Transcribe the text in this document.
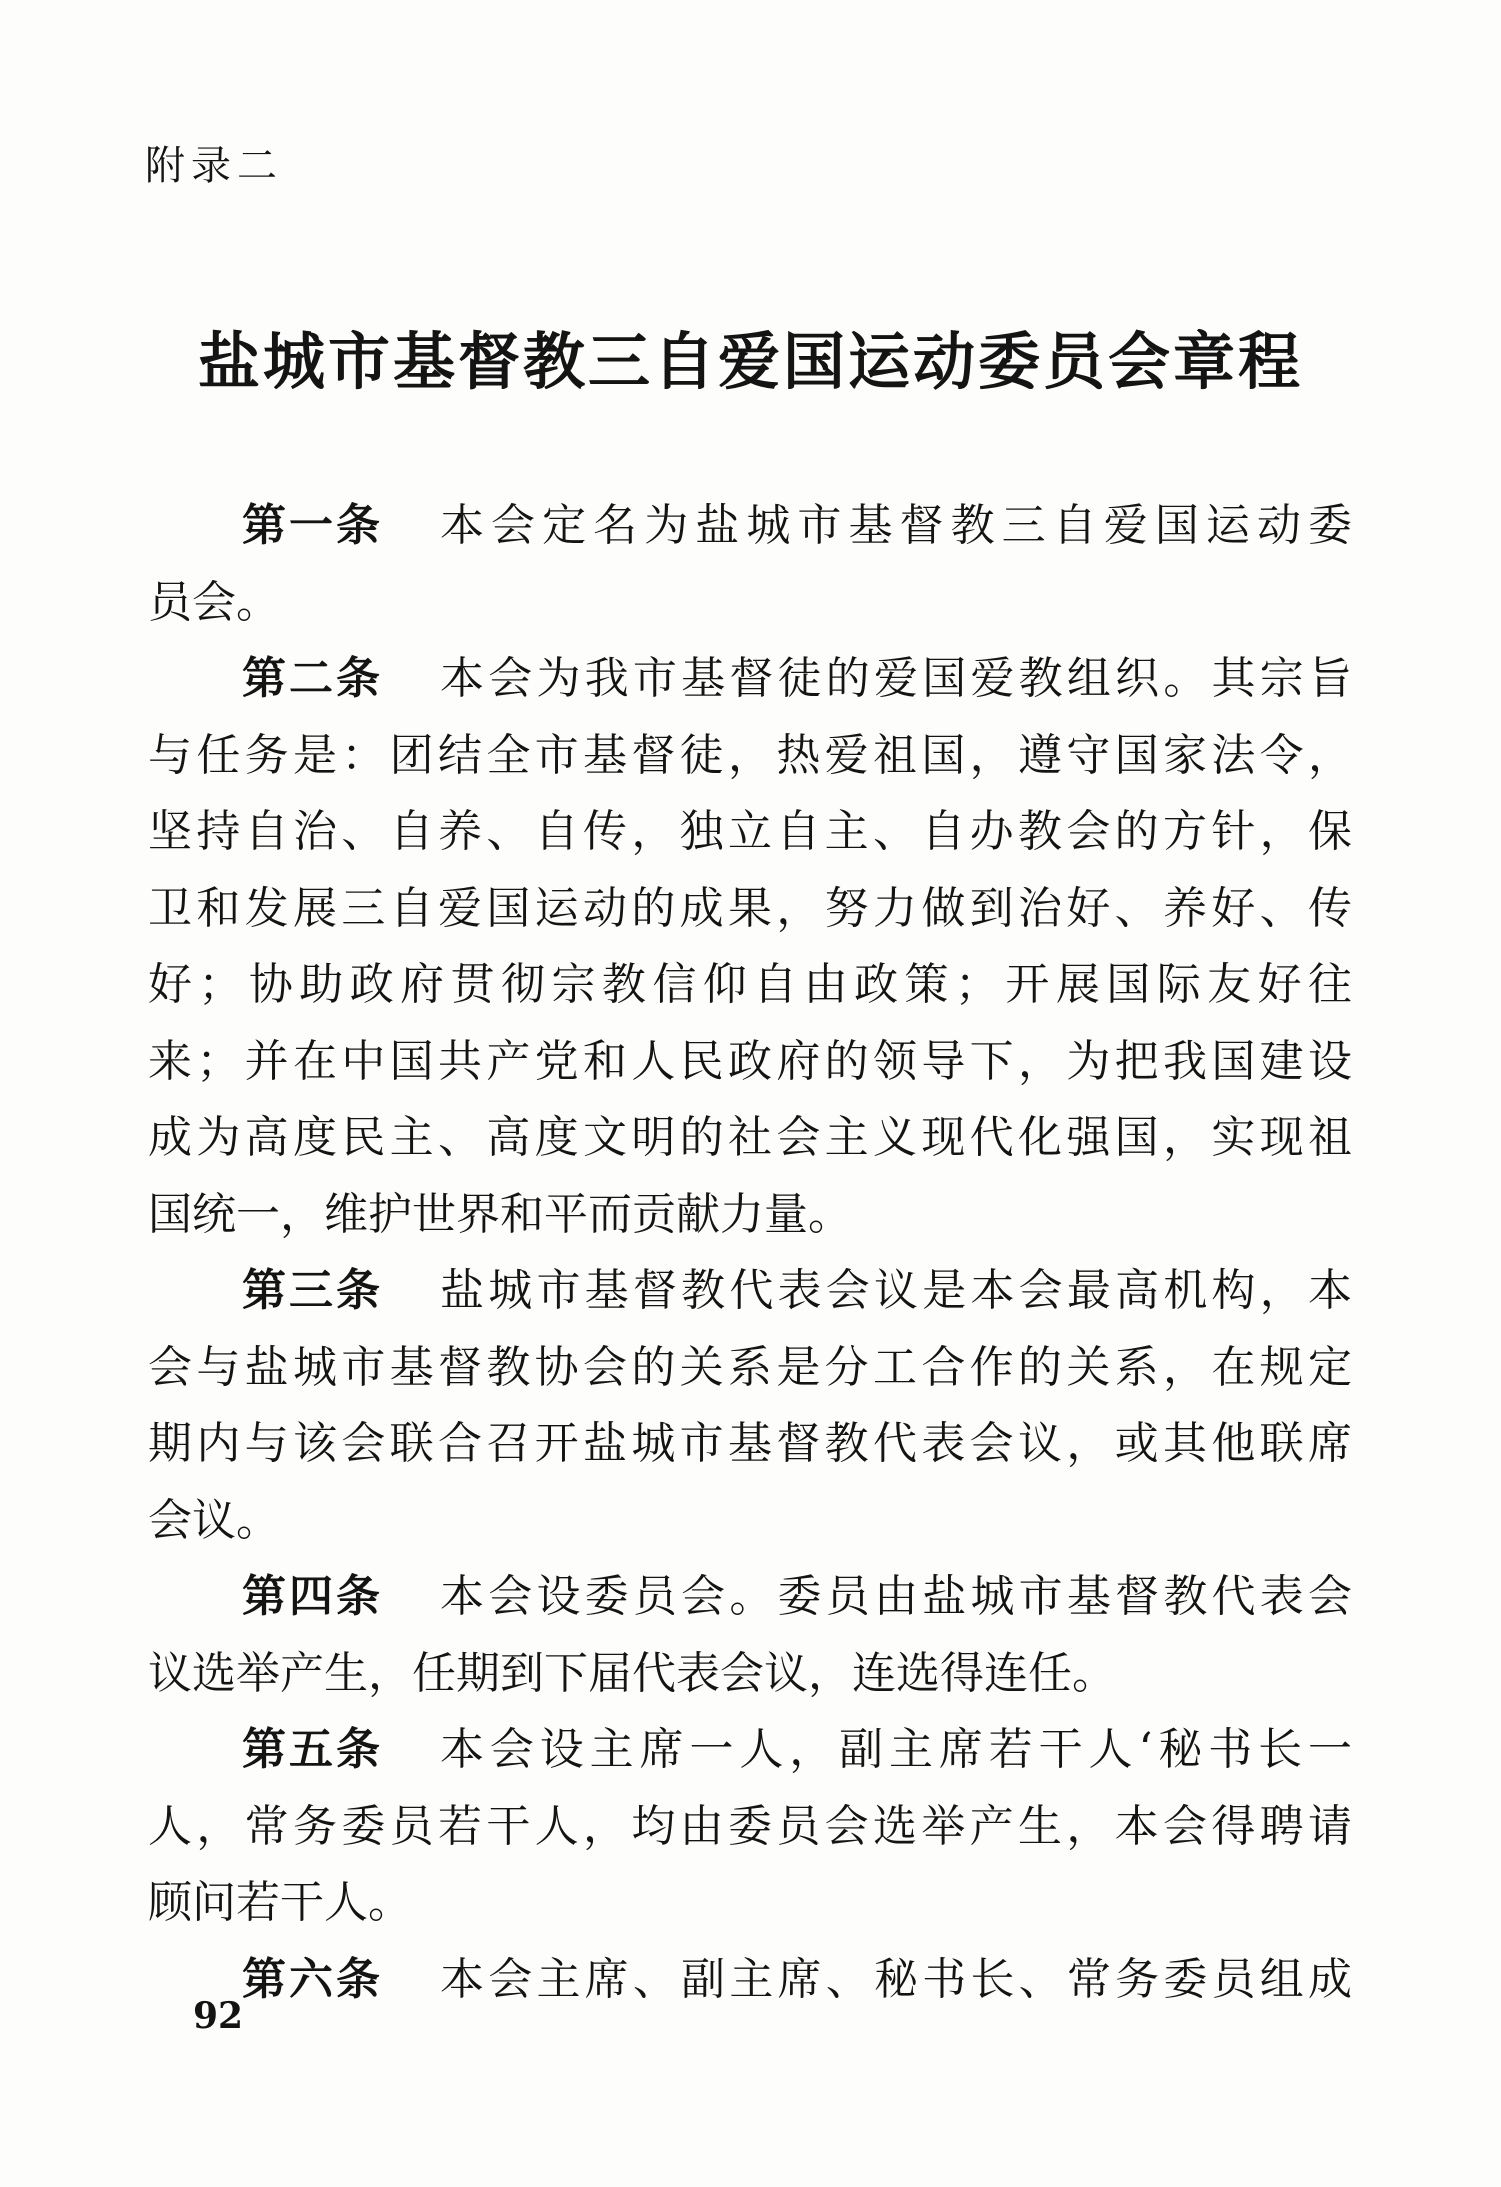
附录二
盐城市基督教三自爱国运动委员会章程
第一条 本会定名为盐城市基督教三自爱国运动委
员会。
第二条 本会为我市基督徒的爱国爱教组织。其宗旨
与任务是：团结全市基督徒，热爱祖国，遵守国家法令，
坚持自治、自养、自传，独立自主、自办教会的方针，保
卫和发展三自爱国运动的成果，努力做到治好、养好、传
好；协助政府贯彻宗教信仰自由政策；开展国际友好往
来；并在中国共产党和人民政府的领导下，为把我国建设
成为高度民主、高度文明的社会主义现代化强国，实现祖
国统一，维护世界和平而贡献力量。
第三条 盐城市基督教代表会议是本会最高机构，本
会与盐城市基督教协会的关系是分工合作的关系，在规定
期内与该会联合召开盐城市基督教代表会议，或其他联席
会议。
第四条 本会设委员会。委员由盐城市基督教代表会
议选举产生，任期到下届代表会议，连选得连任。
第五条 本会设主席一人，副主席若干人‘秘书长一
人，常务委员若干人，均由委员会选举产生，本会得聘请
顾问若干人。
第六条 本会主席、副主席、秘书长、常务委员组成
92
